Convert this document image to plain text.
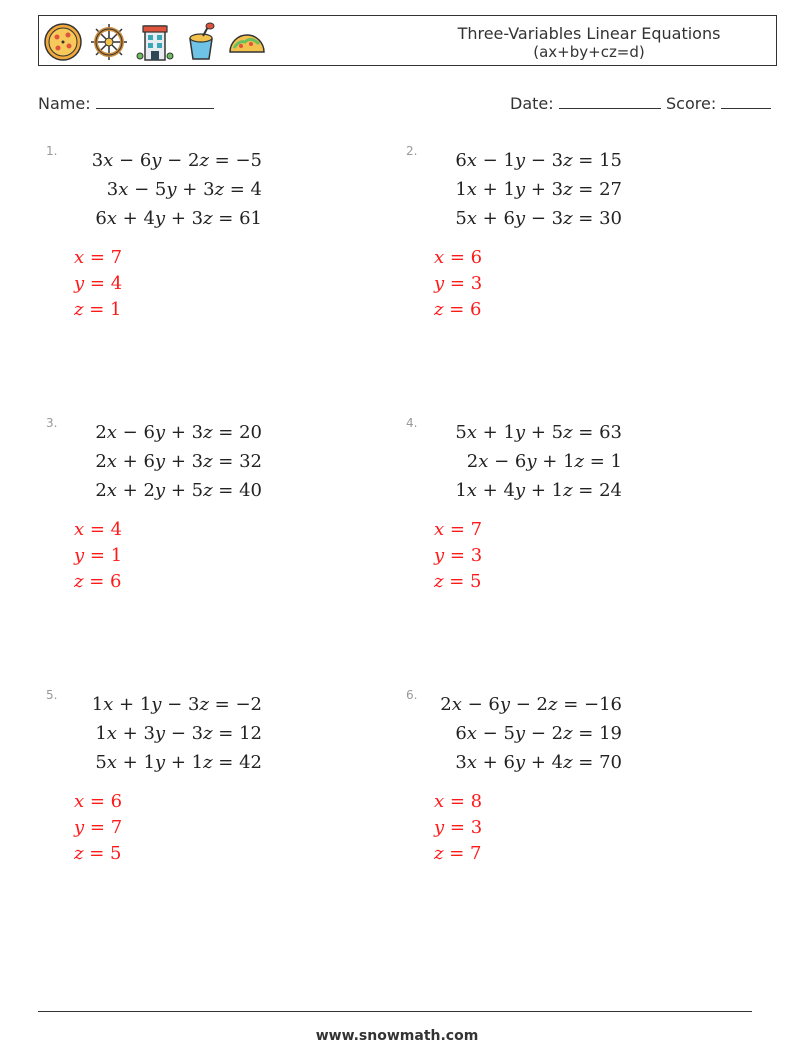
Three-Variables Linear Equations
(ax+by+cz=d)
Name:	Date:	Score:
1. 3x − 6y − 2z = −5
3x − 5y + 3z = 4
6x + 4y + 3z = 61
x = 7
y = 4
z = 1
2. 6x − 1y − 3z = 15
1x + 1y + 3z = 27
5x + 6y − 3z = 30
x = 6
y = 3
z = 6
3. 2x − 6y + 3z = 20
2x + 6y + 3z = 32
2x + 2y + 5z = 40
x = 4
y = 1
z = 6
4. 5x + 1y + 5z = 63
2x − 6y + 1z = 1
1x + 4y + 1z = 24
x = 7
y = 3
z = 5
5. 1x + 1y − 3z = −2
1x + 3y − 3z = 12
5x + 1y + 1z = 42
x = 6
y = 7
z = 5
6. 2x − 6y − 2z = −16
6x − 5y − 2z = 19
3x + 6y + 4z = 70
x = 8
y = 3
z = 7
www.snowmath.com
